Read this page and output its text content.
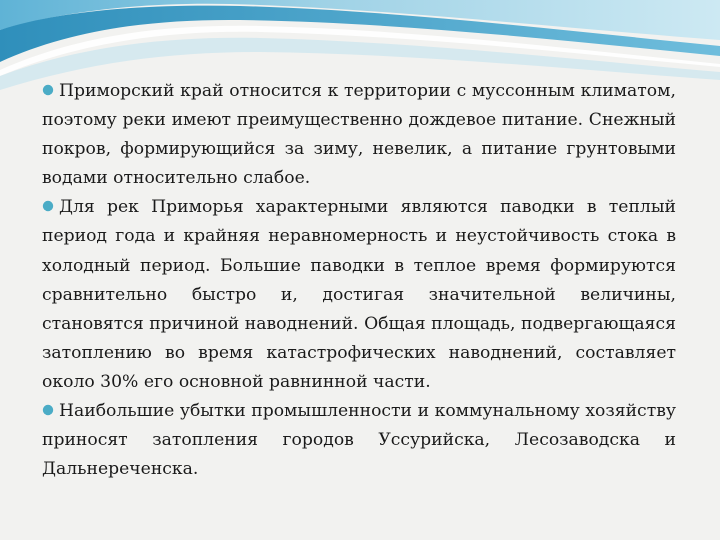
Приморский край относится к территории с муссонным климатом, поэтому реки имеют преимущественно дождевое питание. Снежный покров, формирующийся за зиму, невелик, а питание грунтовыми водами относительно слабое.

Для рек Приморья характерными являются паводки в теплый период года и крайняя неравномерность и неустойчивость стока в холодный период. Большие паводки в теплое время формируются сравнительно быстро и, достигая значительной величины, становятся причиной наводнений. Общая площадь, подвергающаяся затоплению во время катастрофических наводнений, составляет около 30% его основной равнинной части.

Наибольшие убытки промышленности и коммунальному хозяйству приносят затопления городов Уссурийска, Лесозаводска и Дальнереченска.
